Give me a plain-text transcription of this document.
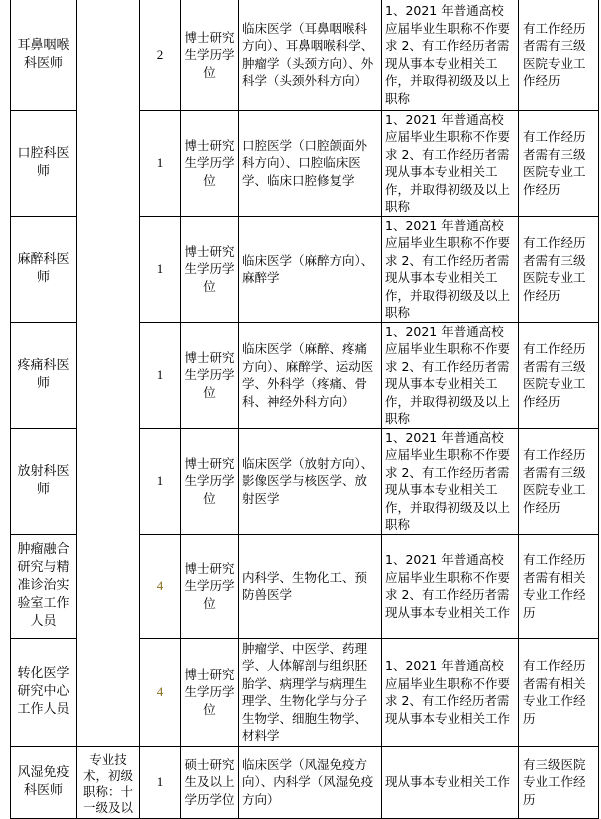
耳鼻咽喉科医师		2	博士研究生学历学位	临床医学（耳鼻咽喉科方向）、耳鼻咽喉科学、肿瘤学（头颈方向）、外科学（头颈外科方向）	1、2021 年普通高校应届毕业生职称不作要求 2、有工作经历者需现从事本专业相关工作，并取得初级及以上职称	有工作经历者需有三级医院专业工作经历
口腔科医师		1	博士研究生学历学位	口腔医学（口腔颌面外科方向）、口腔临床医学、临床口腔修复学	1、2021 年普通高校应届毕业生职称不作要求 2、有工作经历者需现从事本专业相关工作，并取得初级及以上职称	有工作经历者需有三级医院专业工作经历
麻醉科医师		1	博士研究生学历学位	临床医学（麻醉方向）、麻醉学	1、2021 年普通高校应届毕业生职称不作要求 2、有工作经历者需现从事本专业相关工作，并取得初级及以上职称	有工作经历者需有三级医院专业工作经历
疼痛科医师		1	博士研究生学历学位	临床医学（麻醉、疼痛方向）、麻醉学、运动医学、外科学（疼痛、骨科、神经外科方向）	1、2021 年普通高校应届毕业生职称不作要求 2、有工作经历者需现从事本专业相关工作，并取得初级及以上职称	有工作经历者需有三级医院专业工作经历
放射科医师		1	博士研究生学历学位	临床医学（放射方向）、影像医学与核医学、放射医学	1、2021 年普通高校应届毕业生职称不作要求 2、有工作经历者需现从事本专业相关工作，并取得初级及以上职称	有工作经历者需有三级医院专业工作经历
肿瘤融合研究与精准诊治实验室工作人员		4	博士研究生学历学位	内科学、生物化工、预防兽医学	1、2021 年普通高校应届毕业生职称不作要求 2、有工作经历者需现从事本专业相关工作	有工作经历者需有相关专业工作经历
转化医学研究中心工作人员		4	博士研究生学历学位	肿瘤学、中医学、药理学、人体解剖与组织胚胎学、病理学与病理生理学、生物化学与分子生物学、细胞生物学、材料学	1、2021 年普通高校应届毕业生职称不作要求 2、有工作经历者需现从事本专业相关工作	有工作经历者需有相关专业工作经历
风湿免疫科医师	专业技术，初级职称：十一级及以	1	硕士研究生及以上学历学位	临床医学（风湿免疫方向）、内科学（风湿免疫方向）	现从事本专业相关工作	有三级医院专业工作经历
